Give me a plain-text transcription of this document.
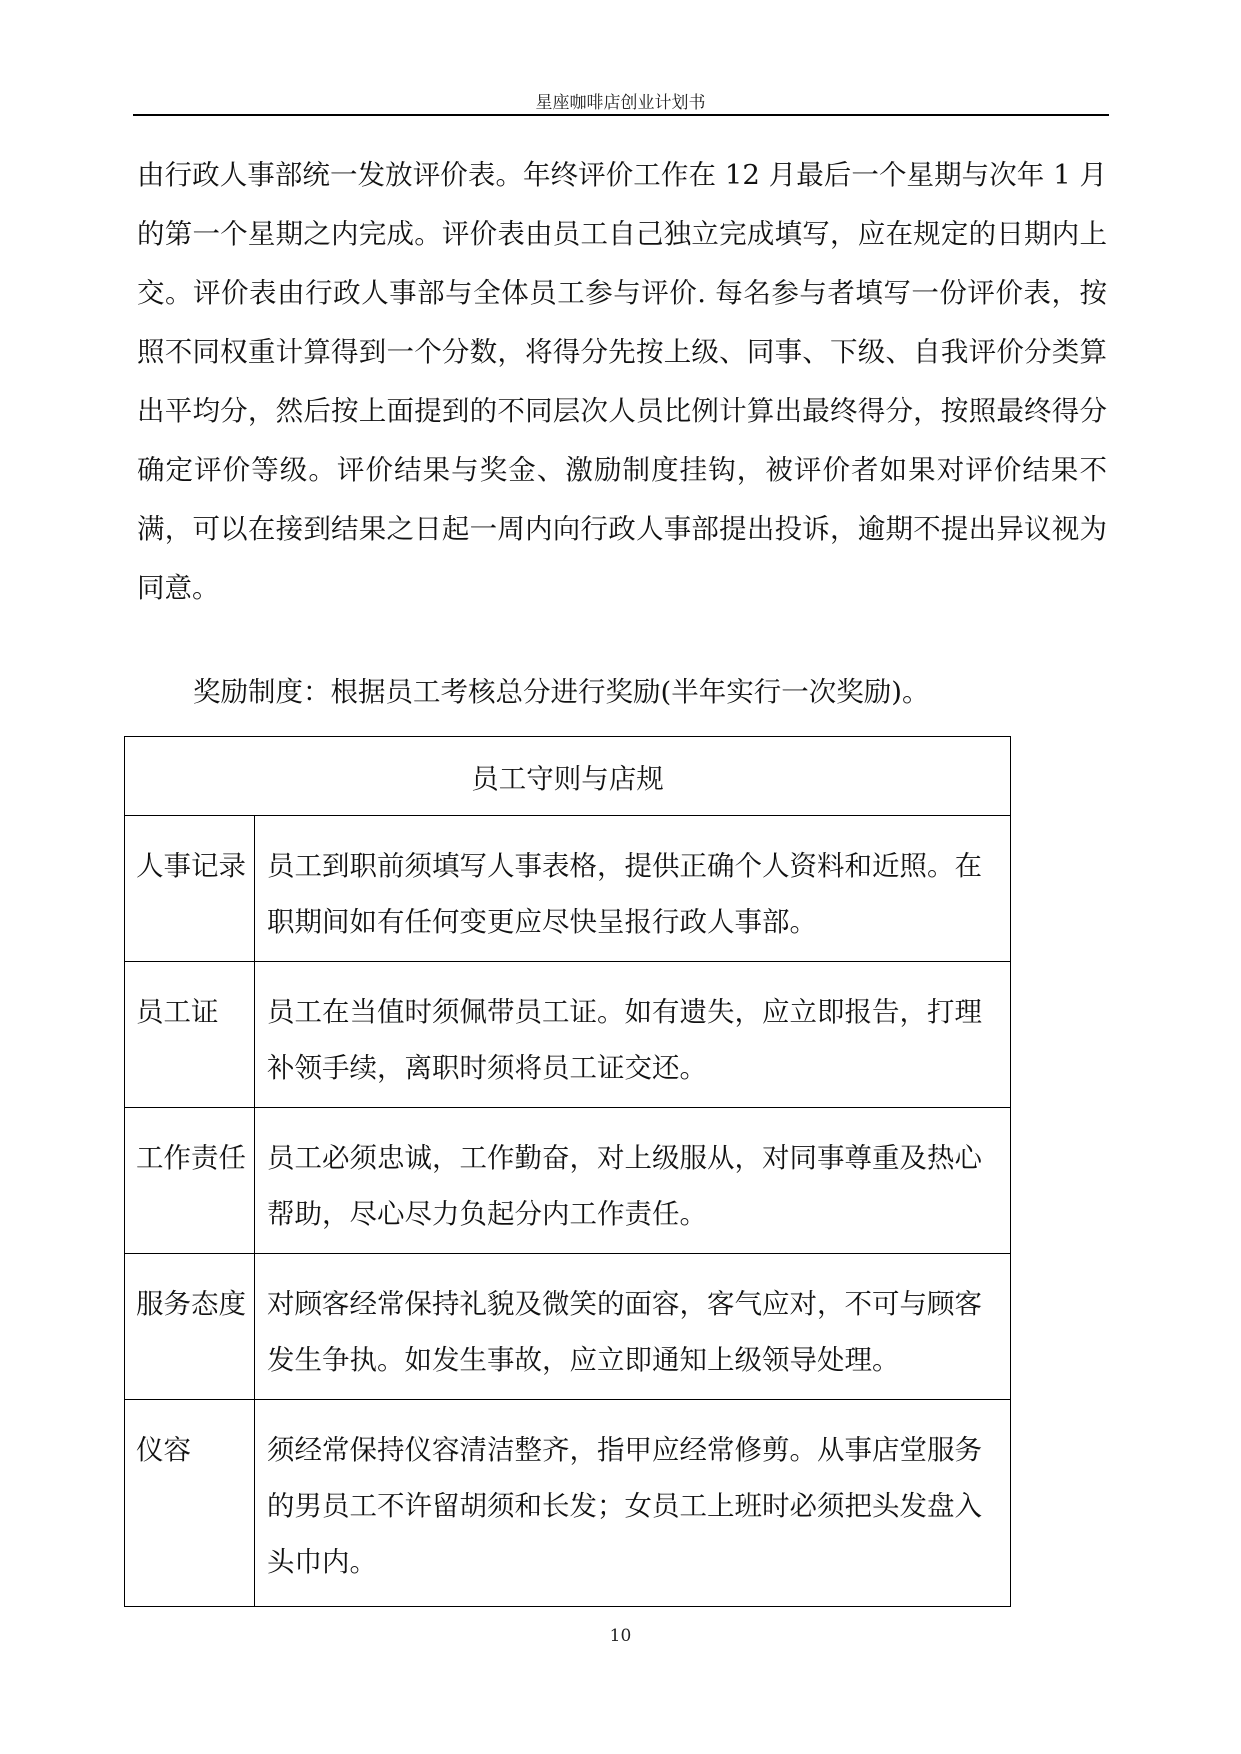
星座咖啡店创业计划书

由行政人事部统一发放评价表。年终评价工作在 12 月最后一个星期与次年 1 月的第一个星期之内完成。评价表由员工自己独立完成填写，应在规定的日期内上交。评价表由行政人事部与全体员工参与评价. 每名参与者填写一份评价表，按照不同权重计算得到一个分数，将得分先按上级、同事、下级、自我评价分类算出平均分，然后按上面提到的不同层次人员比例计算出最终得分，按照最终得分确定评价等级。评价结果与奖金、激励制度挂钩，被评价者如果对评价结果不满，可以在接到结果之日起一周内向行政人事部提出投诉，逾期不提出异议视为同意。

奖励制度：根据员工考核总分进行奖励(半年实行一次奖励)。

员工守则与店规	
人事记录	员工到职前须填写人事表格，提供正确个人资料和近照。在职期间如有任何变更应尽快呈报行政人事部。
员工证	员工在当值时须佩带员工证。如有遗失，应立即报告，打理补领手续，离职时须将员工证交还。
工作责任	员工必须忠诚，工作勤奋，对上级服从，对同事尊重及热心帮助，尽心尽力负起分内工作责任。
服务态度	对顾客经常保持礼貌及微笑的面容，客气应对，不可与顾客发生争执。如发生事故，应立即通知上级领导处理。
仪容	须经常保持仪容清洁整齐，指甲应经常修剪。从事店堂服务的男员工不许留胡须和长发；女员工上班时必须把头发盘入头巾内。
10
